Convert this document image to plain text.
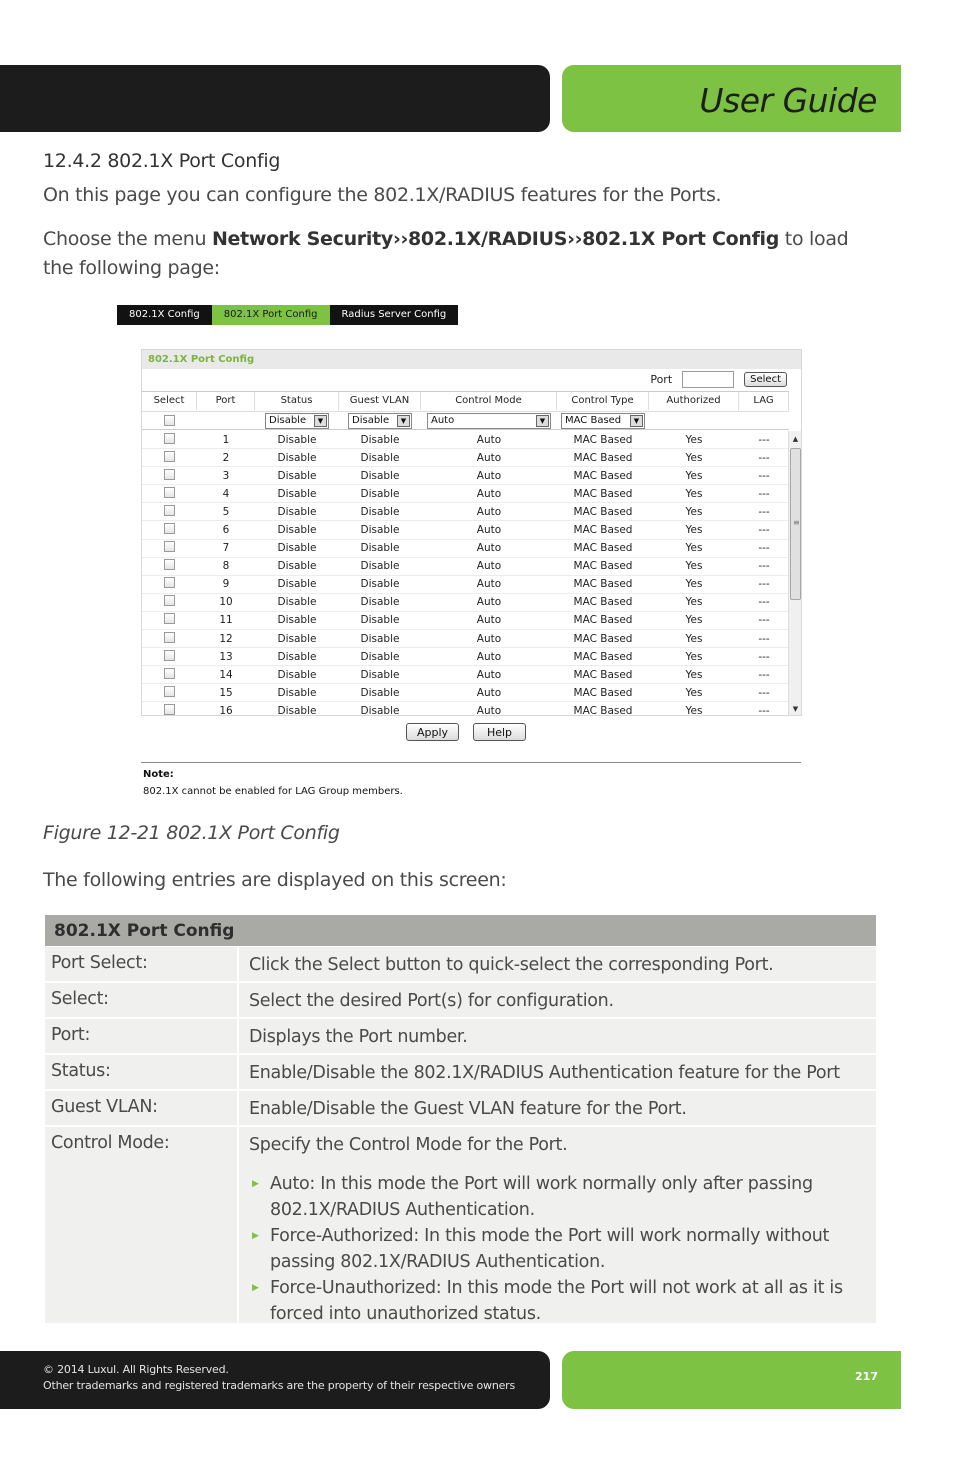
User Guide
12.4.2 802.1X Port Config
On this page you can configure the 802.1X/RADIUS features for the Ports.
Choose the menu Network Security››802.1X/RADIUS››802.1X Port Config to load the following page:
802.1X Config	802.1X Port Config	Radius Server Config
802.1X Port Config
Port	Select
Select	Port	Status	Guest VLAN	Control Mode	Control Type	Authorized	LAG
Disable	▼	Disable	▼	Auto	▼	MAC Based	▼
1	Disable	Disable	Auto	MAC Based	Yes	---
2	Disable	Disable	Auto	MAC Based	Yes	---
3	Disable	Disable	Auto	MAC Based	Yes	---
4	Disable	Disable	Auto	MAC Based	Yes	---
5	Disable	Disable	Auto	MAC Based	Yes	---
6	Disable	Disable	Auto	MAC Based	Yes	---
7	Disable	Disable	Auto	MAC Based	Yes	---
8	Disable	Disable	Auto	MAC Based	Yes	---
9	Disable	Disable	Auto	MAC Based	Yes	---
10	Disable	Disable	Auto	MAC Based	Yes	---
11	Disable	Disable	Auto	MAC Based	Yes	---
12	Disable	Disable	Auto	MAC Based	Yes	---
13	Disable	Disable	Auto	MAC Based	Yes	---
14	Disable	Disable	Auto	MAC Based	Yes	---
15	Disable	Disable	Auto	MAC Based	Yes	---
16	Disable	Disable	Auto	MAC Based	Yes	---
▲
≡
▼
Apply	Help
Note:
802.1X cannot be enabled for LAG Group members.
Figure 12-21 802.1X Port Config
The following entries are displayed on this screen:
802.1X Port Config
Port Select:	Click the Select button to quick-select the corresponding Port.
Select:	Select the desired Port(s) for configuration.
Port:	Displays the Port number.
Status:	Enable/Disable the 802.1X/RADIUS Authentication feature for the Port
Guest VLAN:	Enable/Disable the Guest VLAN feature for the Port.
Control Mode:	Specify the Control Mode for the Port.
▶ Auto: In this mode the Port will work normally only after passing 802.1X/RADIUS Authentication.
▶ Force-Authorized: In this mode the Port will work normally without passing 802.1X/RADIUS Authentication.
▶ Force-Unauthorized: In this mode the Port will not work at all as it is forced into unauthorized status.
© 2014 Luxul. All Rights Reserved.
Other trademarks and registered trademarks are the property of their respective owners
217
